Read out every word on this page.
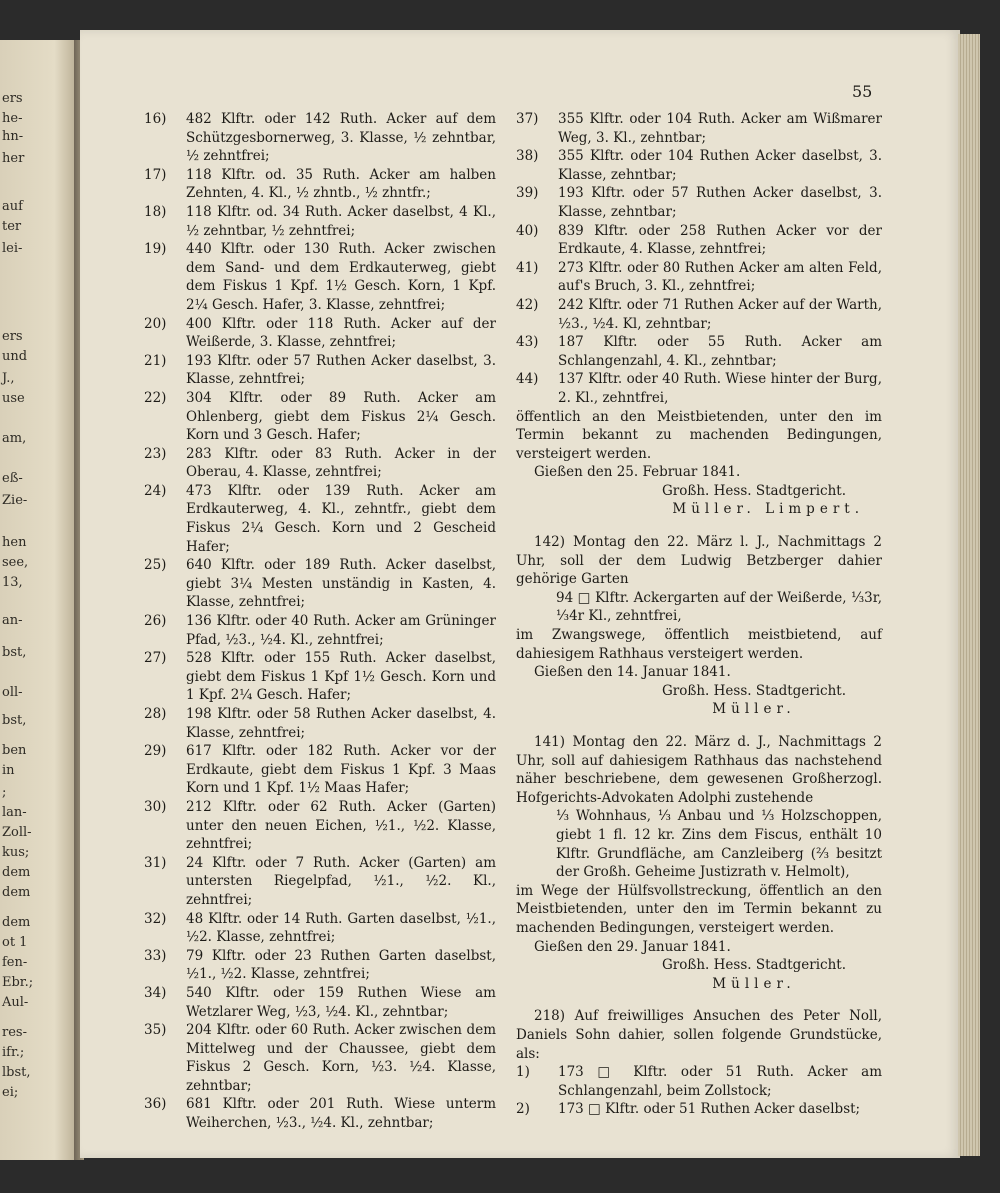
ers
he-
hn-
her
auf
ter
lei-
ers
und
J.,
use
am,
eß-
Zie-
hen
see,
13,
an-
bst,
oll-
bst,
ben
in
;
lan-
Zoll-
kus;
dem
dem
dem
ot 1
fen-
Ebr.;
Aul-
res-
ifr.;
lbst,
ei;
55
16)	482 Klftr. oder 142 Ruth. Acker auf dem Schützgesbornerweg, 3. Klasse, ½ zehntbar, ½ zehntfrei;
17)	118 Klftr. od. 35 Ruth. Acker am halben Zehnten, 4. Kl., ½ zhntb., ½ zhntfr.;
18)	118 Klftr. od. 34 Ruth. Acker daselbst, 4 Kl., ½ zehntbar, ½ zehntfrei;
19)	440 Klftr. oder 130 Ruth. Acker zwischen dem Sand- und dem Erdkauterweg, giebt dem Fiskus 1 Kpf. 1½ Gesch. Korn, 1 Kpf. 2¼ Gesch. Hafer, 3. Klasse, zehntfrei;
20)	400 Klftr. oder 118 Ruth. Acker auf der Weißerde, 3. Klasse, zehntfrei;
21)	193 Klftr. oder 57 Ruthen Acker daselbst, 3. Klasse, zehntfrei;
22)	304 Klftr. oder 89 Ruth. Acker am Ohlenberg, giebt dem Fiskus 2¼ Gesch. Korn und 3 Gesch. Hafer;
23)	283 Klftr. oder 83 Ruth. Acker in der Oberau, 4. Klasse, zehntfrei;
24)	473 Klftr. oder 139 Ruth. Acker am Erdkauterweg, 4. Kl., zehntfr., giebt dem Fiskus 2¼ Gesch. Korn und 2 Gescheid Hafer;
25)	640 Klftr. oder 189 Ruth. Acker daselbst, giebt 3¼ Mesten unständig in Kasten, 4. Klasse, zehntfrei;
26)	136 Klftr. oder 40 Ruth. Acker am Grüninger Pfad, ½3., ½4. Kl., zehntfrei;
27)	528 Klftr. oder 155 Ruth. Acker daselbst, giebt dem Fiskus 1 Kpf 1½ Gesch. Korn und 1 Kpf. 2¼ Gesch. Hafer;
28)	198 Klftr. oder 58 Ruthen Acker daselbst, 4. Klasse, zehntfrei;
29)	617 Klftr. oder 182 Ruth. Acker vor der Erdkaute, giebt dem Fiskus 1 Kpf. 3 Maas Korn und 1 Kpf. 1½ Maas Hafer;
30)	212 Klftr. oder 62 Ruth. Acker (Garten) unter den neuen Eichen, ½1., ½2. Klasse, zehntfrei;
31)	24 Klftr. oder 7 Ruth. Acker (Garten) am untersten Riegelpfad, ½1., ½2. Kl., zehntfrei;
32)	48 Klftr. oder 14 Ruth. Garten daselbst, ½1., ½2. Klasse, zehntfrei;
33)	79 Klftr. oder 23 Ruthen Garten daselbst, ½1., ½2. Klasse, zehntfrei;
34)	540 Klftr. oder 159 Ruthen Wiese am Wetzlarer Weg, ½3, ½4. Kl., zehntbar;
35)	204 Klftr. oder 60 Ruth. Acker zwischen dem Mittelweg und der Chaussee, giebt dem Fiskus 2 Gesch. Korn, ½3. ½4. Klasse, zehntbar;
36)	681 Klftr. oder 201 Ruth. Wiese unterm Weiherchen, ½3., ½4. Kl., zehntbar;
37)	355 Klftr. oder 104 Ruth. Acker am Wißmarer Weg, 3. Kl., zehntbar;
38)	355 Klftr. oder 104 Ruthen Acker daselbst, 3. Klasse, zehntbar;
39)	193 Klftr. oder 57 Ruthen Acker daselbst, 3. Klasse, zehntbar;
40)	839 Klftr. oder 258 Ruthen Acker vor der Erdkaute, 4. Klasse, zehntfrei;
41)	273 Klftr. oder 80 Ruthen Acker am alten Feld, auf's Bruch, 3. Kl., zehntfrei;
42)	242 Klftr. oder 71 Ruthen Acker auf der Warth, ½3., ½4. Kl, zehntbar;
43)	187 Klftr. oder 55 Ruth. Acker am Schlangenzahl, 4. Kl., zehntbar;
44)	137 Klftr. oder 40 Ruth. Wiese hinter der Burg, 2. Kl., zehntfrei,

öffentlich an den Meistbietenden, unter den im Termin bekannt zu machenden Bedingungen, versteigert werden.

Gießen den 25. Februar 1841.

Großh. Hess. Stadtgericht.

Müller. Limpert.

142) Montag den 22. März l. J., Nachmittags 2 Uhr, soll der dem Ludwig Betzberger dahier gehörige Garten

94 □ Klftr. Ackergarten auf der Weißerde, ⅓3r, ⅓4r Kl., zehntfrei,

im Zwangswege, öffentlich meistbietend, auf dahiesigem Rathhaus versteigert werden.

Gießen den 14. Januar 1841.

Großh. Hess. Stadtgericht.

Müller.

141) Montag den 22. März d. J., Nachmittags 2 Uhr, soll auf dahiesigem Rathhaus das nachstehend näher beschriebene, dem gewesenen Großherzogl. Hofgerichts-Advokaten Adolphi zustehende

⅓ Wohnhaus, ⅓ Anbau und ⅓ Holzschoppen, giebt 1 fl. 12 kr. Zins dem Fiscus, enthält 10 Klftr. Grundfläche, am Canzleiberg (⅔ besitzt der Großh. Geheime Justizrath v. Helmolt),

im Wege der Hülfsvollstreckung, öffentlich an den Meistbietenden, unter den im Termin bekannt zu machenden Bedingungen, versteigert werden.

Gießen den 29. Januar 1841.

Großh. Hess. Stadtgericht.

Müller.

218) Auf freiwilliges Ansuchen des Peter Noll, Daniels Sohn dahier, sollen folgende Grundstücke, als:

1)	173 □ Klftr. oder 51 Ruth. Acker am Schlangenzahl, beim Zollstock;
2)	173 □ Klftr. oder 51 Ruthen Acker daselbst;
